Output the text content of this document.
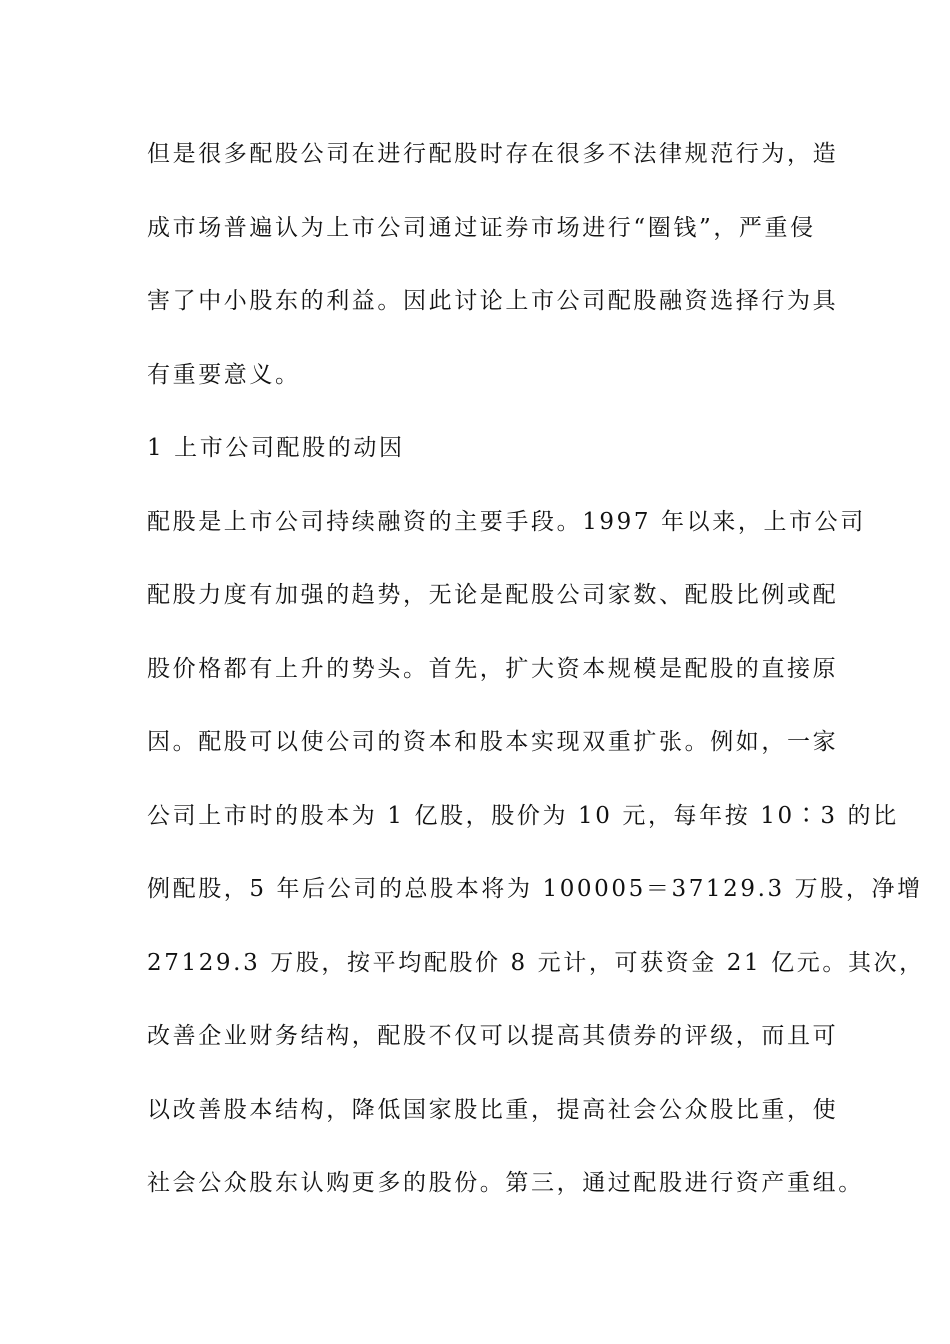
但是很多配股公司在进行配股时存在很多不法律规范行为，造
成市场普遍认为上市公司通过证券市场进行“圈钱”，严重侵
害了中小股东的利益。因此讨论上市公司配股融资选择行为具
有重要意义。
1 上市公司配股的动因
配股是上市公司持续融资的主要手段。1997 年以来，上市公司
配股力度有加强的趋势，无论是配股公司家数、配股比例或配
股价格都有上升的势头。首先，扩大资本规模是配股的直接原
因。配股可以使公司的资本和股本实现双重扩张。例如，一家
公司上市时的股本为 1 亿股，股价为 10 元，每年按 10∶3 的比
例配股，5 年后公司的总股本将为 100005＝37129.3 万股，净增
27129.3 万股，按平均配股价 8 元计，可获资金 21 亿元。其次，
改善企业财务结构，配股不仅可以提高其债券的评级，而且可
以改善股本结构，降低国家股比重，提高社会公众股比重，使
社会公众股东认购更多的股份。第三，通过配股进行资产重组。
